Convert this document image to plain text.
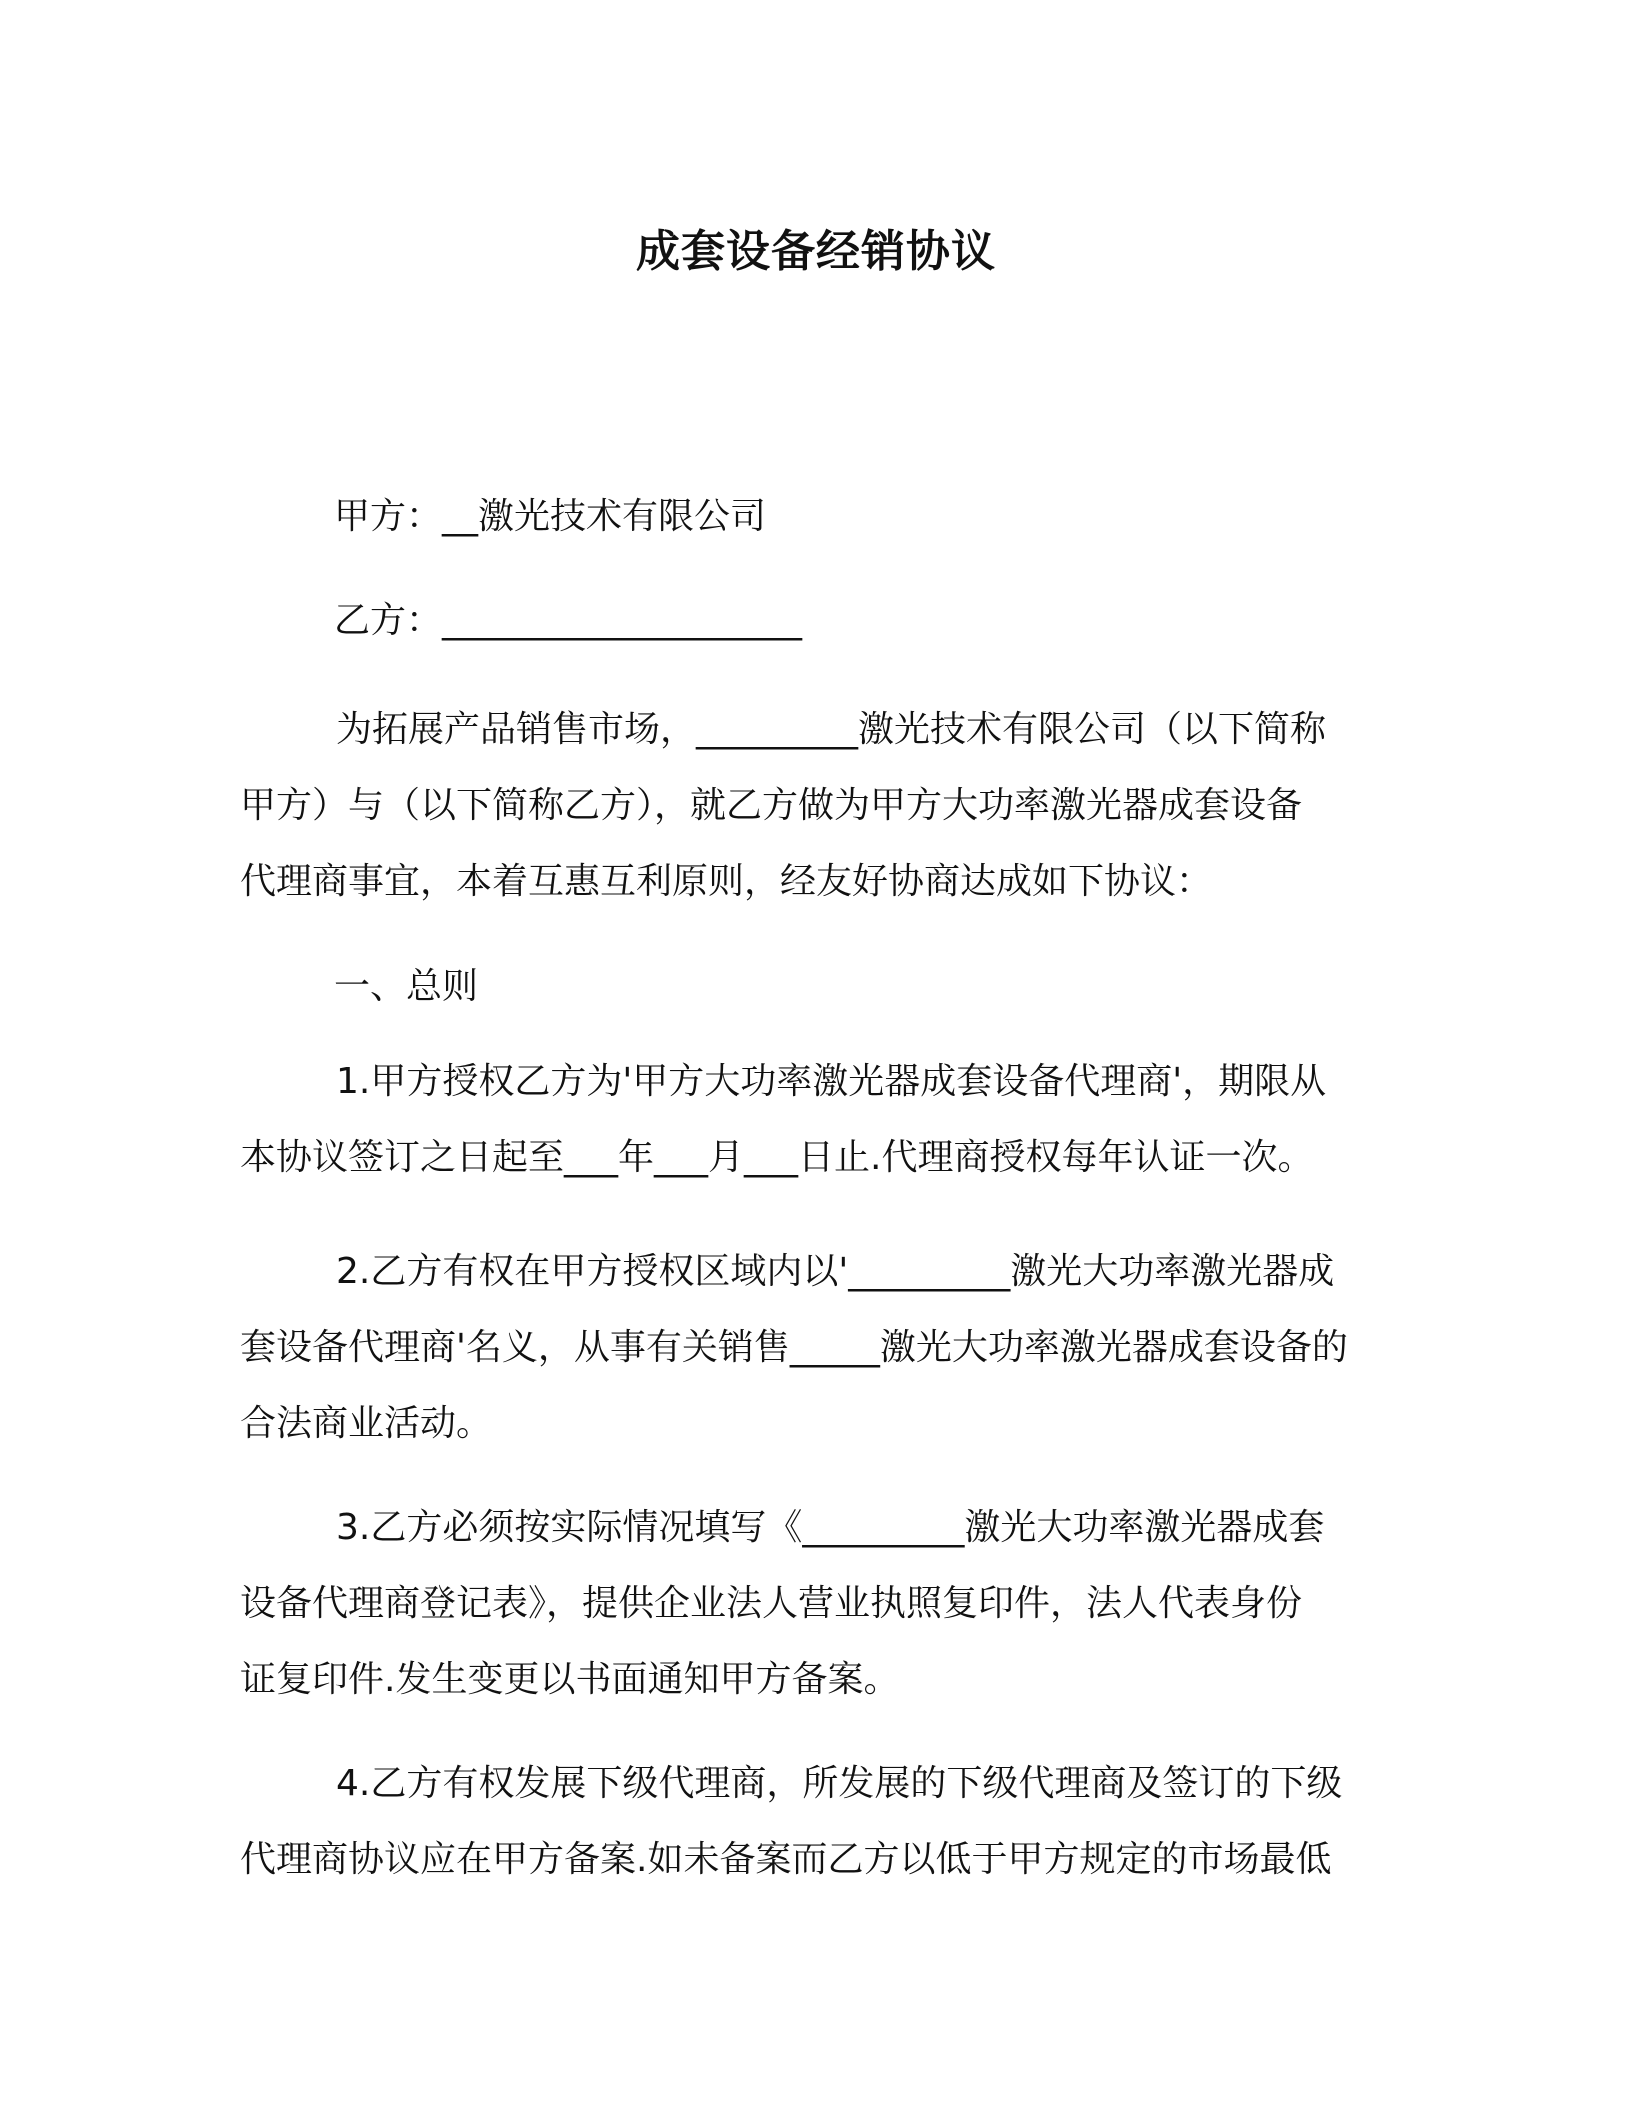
成套设备经销协议
甲方：__激光技术有限公司
乙方：____________________
为拓展产品销售市场，_________激光技术有限公司（以下简称
甲方）与（以下简称乙方），就乙方做为甲方大功率激光器成套设备
代理商事宜，本着互惠互利原则，经友好协商达成如下协议：
一、总则
1.甲方授权乙方为'甲方大功率激光器成套设备代理商'，期限从
本协议签订之日起至___年___月___日止.代理商授权每年认证一次。
2.乙方有权在甲方授权区域内以'_________激光大功率激光器成
套设备代理商'名义，从事有关销售_____激光大功率激光器成套设备的
合法商业活动。
3.乙方必须按实际情况填写《_________激光大功率激光器成套
设备代理商登记表》，提供企业法人营业执照复印件，法人代表身份
证复印件.发生变更以书面通知甲方备案。
4.乙方有权发展下级代理商，所发展的下级代理商及签订的下级
代理商协议应在甲方备案.如未备案而乙方以低于甲方规定的市场最低
